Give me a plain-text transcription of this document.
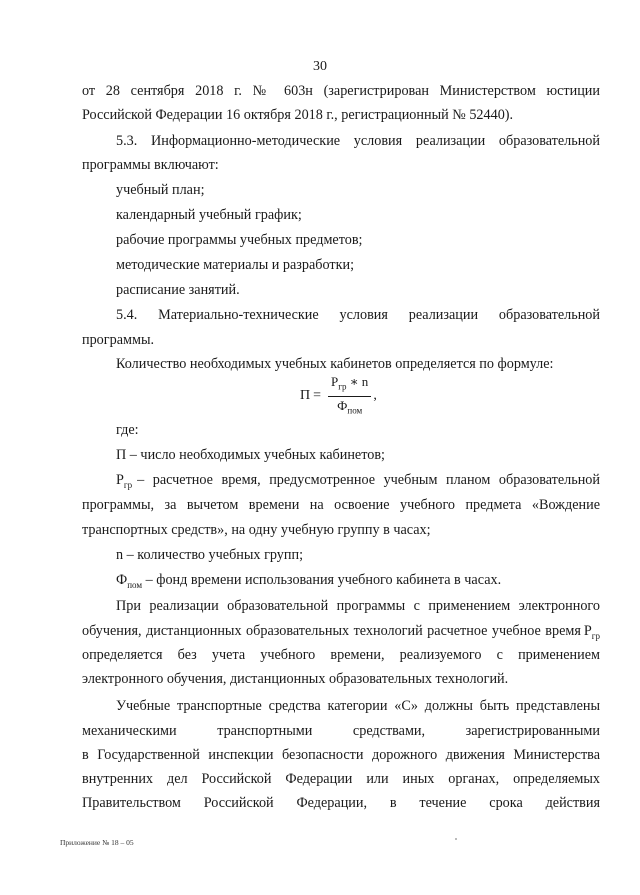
30
от 28 сентября 2018 г. № 603н (зарегистрирован Министерством юстиции
Российской Федерации 16 октября 2018 г., регистрационный № 52440).
5.3. Информационно-методические условия реализации образовательной
программы включают:
учебный план;
календарный учебный график;
рабочие программы учебных предметов;
методические материалы и разработки;
расписание занятий.
5.4. Материально-технические условия реализации образовательной
программы.
Количество необходимых учебных кабинетов определяется по формуле:
$П = \frac{Р_{гр} ∗ n}{Ф_{пом}}$ ,
где:
П – число необходимых учебных кабинетов;
$Р_{гр}$ – расчетное время, предусмотренное учебным планом образовательной
программы, за вычетом времени на освоение учебного предмета «Вождение
транспортных средств», на одну учебную группу в часах;
n – количество учебных групп;
$Ф_{пом}$ – фонд времени использования учебного кабинета в часах.
При реализации образовательной программы с применением электронного
обучения, дистанционных образовательных технологий расчетное учебное время $Р_{гр}$
определяется без учета учебного времени, реализуемого с применением
электронного обучения, дистанционных образовательных технологий.
Учебные транспортные средства категории «С» должны быть представлены
механическими транспортными средствами, зарегистрированными
в Государственной инспекции безопасности дорожного движения Министерства
внутренних дел Российской Федерации или иных органах, определяемых
Правительством Российской Федерации, в течение срока действия
Приложение № 18 – 05
